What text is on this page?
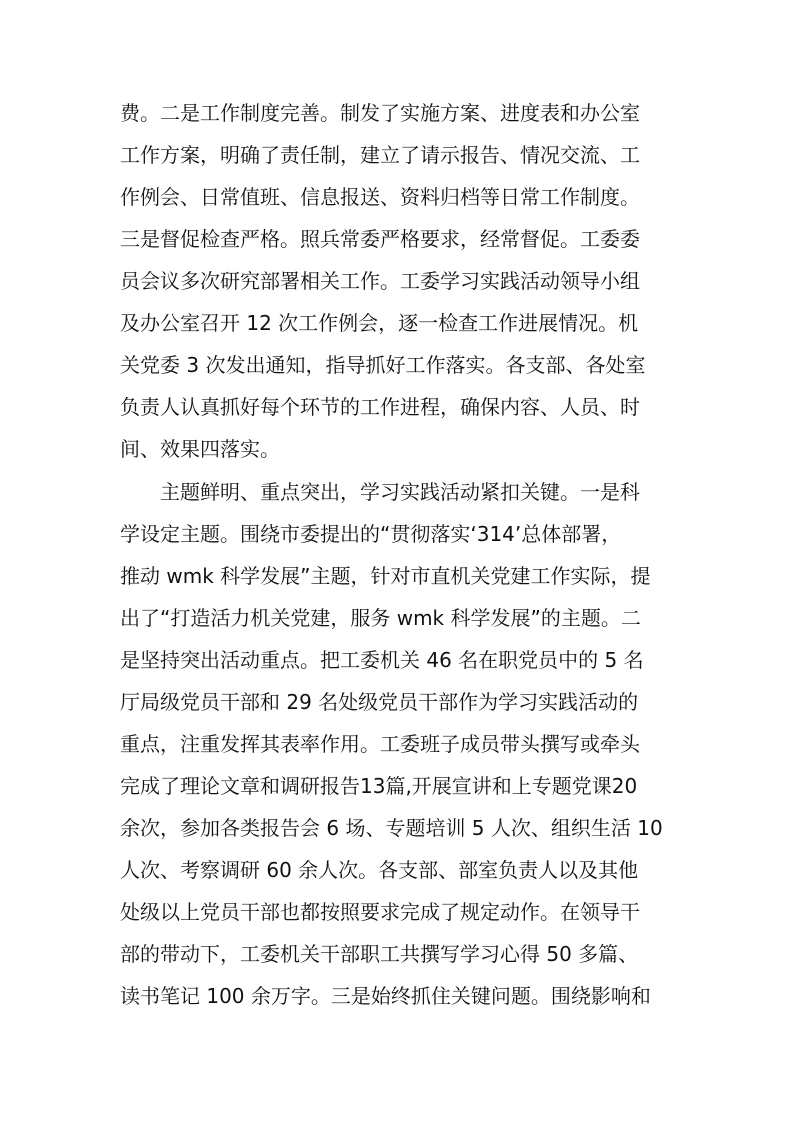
费。二是工作制度完善。制发了实施方案、进度表和办公室
工作方案，明确了责任制，建立了请示报告、情况交流、工
作例会、日常值班、信息报送、资料归档等日常工作制度。
三是督促检查严格。照兵常委严格要求，经常督促。工委委
员会议多次研究部署相关工作。工委学习实践活动领导小组
及办公室召开 12 次工作例会，逐一检查工作进展情况。机
关党委 3 次发出通知，指导抓好工作落实。各支部、各处室
负责人认真抓好每个环节的工作进程，确保内容、人员、时
间、效果四落实。
主题鲜明、重点突出，学习实践活动紧扣关键。一是科
学设定主题。围绕市委提出的“贯彻落实‘314’总体部署，
推动 wmk 科学发展”主题，针对市直机关党建工作实际，提
出了“打造活力机关党建，服务 wmk 科学发展”的主题。二
是坚持突出活动重点。把工委机关 46 名在职党员中的 5 名
厅局级党员干部和 29 名处级党员干部作为学习实践活动的
重点，注重发挥其表率作用。工委班子成员带头撰写或牵头
完成了理论文章和调研报告13篇,开展宣讲和上专题党课20
余次，参加各类报告会 6 场、专题培训 5 人次、组织生活 10
人次、考察调研 60 余人次。各支部、部室负责人以及其他
处级以上党员干部也都按照要求完成了规定动作。在领导干
部的带动下，工委机关干部职工共撰写学习心得 50 多篇、
读书笔记 100 余万字。三是始终抓住关键问题。围绕影响和
